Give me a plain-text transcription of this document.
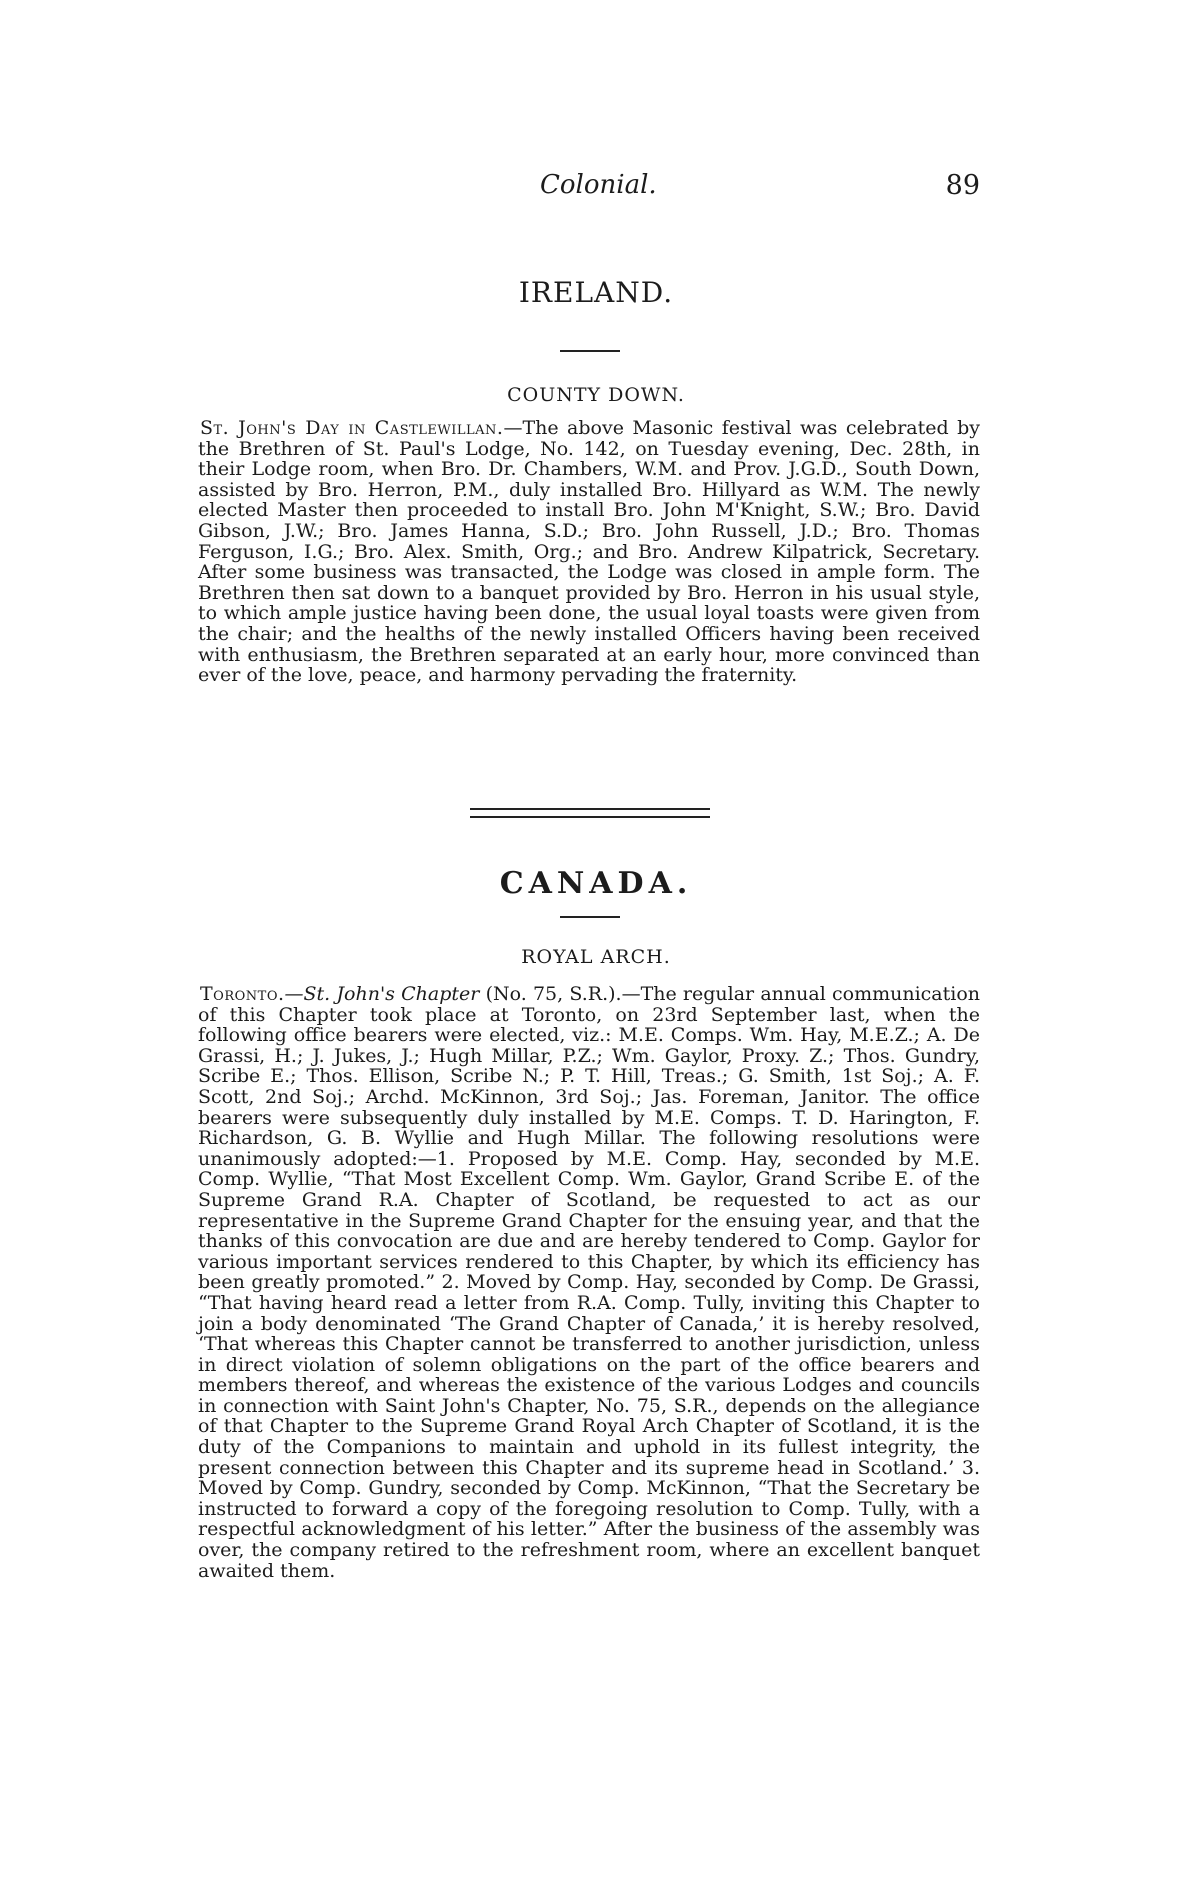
Colonial.	89
IRELAND.
COUNTY DOWN.
St. John's Day in Castlewillan.—The above Masonic festival was celebrated by the Brethren of St. Paul's Lodge, No. 142, on Tuesday evening, Dec. 28th, in their Lodge room, when Bro. Dr. Chambers, W.M. and Prov. J.G.D., South Down, assisted by Bro. Herron, P.M., duly installed Bro. Hillyard as W.M. The newly elected Master then proceeded to install Bro. John M'Knight, S.W.; Bro. David Gibson, J.W.; Bro. James Hanna, S.D.; Bro. John Russell, J.D.; Bro. Thomas Ferguson, I.G.; Bro. Alex. Smith, Org.; and Bro. Andrew Kilpatrick, Secretary. After some business was transacted, the Lodge was closed in ample form. The Brethren then sat down to a banquet provided by Bro. Herron in his usual style, to which ample justice having been done, the usual loyal toasts were given from the chair; and the healths of the newly installed Officers having been received with enthusiasm, the Brethren separated at an early hour, more convinced than ever of the love, peace, and harmony pervading the fraternity.
CANADA.
ROYAL ARCH.
Toronto.—St. John's Chapter (No. 75, S.R.).—The regular annual communication of this Chapter took place at Toronto, on 23rd September last, when the following office bearers were elected, viz.: M.E. Comps. Wm. Hay, M.E.Z.; A. De Grassi, H.; J. Jukes, J.; Hugh Millar, P.Z.; Wm. Gaylor, Proxy. Z.; Thos. Gundry, Scribe E.; Thos. Ellison, Scribe N.; P. T. Hill, Treas.; G. Smith, 1st Soj.; A. F. Scott, 2nd Soj.; Archd. McKinnon, 3rd Soj.; Jas. Foreman, Janitor. The office bearers were subsequently duly installed by M.E. Comps. T. D. Harington, F. Richardson, G. B. Wyllie and Hugh Millar. The following resolutions were unanimously adopted:—1. Proposed by M.E. Comp. Hay, seconded by M.E. Comp. Wyllie, “That Most Excellent Comp. Wm. Gaylor, Grand Scribe E. of the Supreme Grand R.A. Chapter of Scotland, be requested to act as our representative in the Supreme Grand Chapter for the ensuing year, and that the thanks of this convocation are due and are hereby tendered to Comp. Gaylor for various important services rendered to this Chapter, by which its efficiency has been greatly promoted.” 2. Moved by Comp. Hay, seconded by Comp. De Grassi, “That having heard read a letter from R.A. Comp. Tully, inviting this Chapter to join a body denominated ‘The Grand Chapter of Canada,’ it is hereby resolved, ‘That whereas this Chapter cannot be transferred to another jurisdiction, unless in direct violation of solemn obligations on the part of the office bearers and members thereof, and whereas the existence of the various Lodges and councils in connection with Saint John's Chapter, No. 75, S.R., depends on the allegiance of that Chapter to the Supreme Grand Royal Arch Chapter of Scotland, it is the duty of the Companions to maintain and uphold in its fullest integrity, the present connection between this Chapter and its supreme head in Scotland.’ 3. Moved by Comp. Gundry, seconded by Comp. McKinnon, “That the Secretary be instructed to forward a copy of the foregoing resolution to Comp. Tully, with a respectful acknowledgment of his letter.” After the business of the assembly was over, the company retired to the refreshment room, where an excellent banquet awaited them.
